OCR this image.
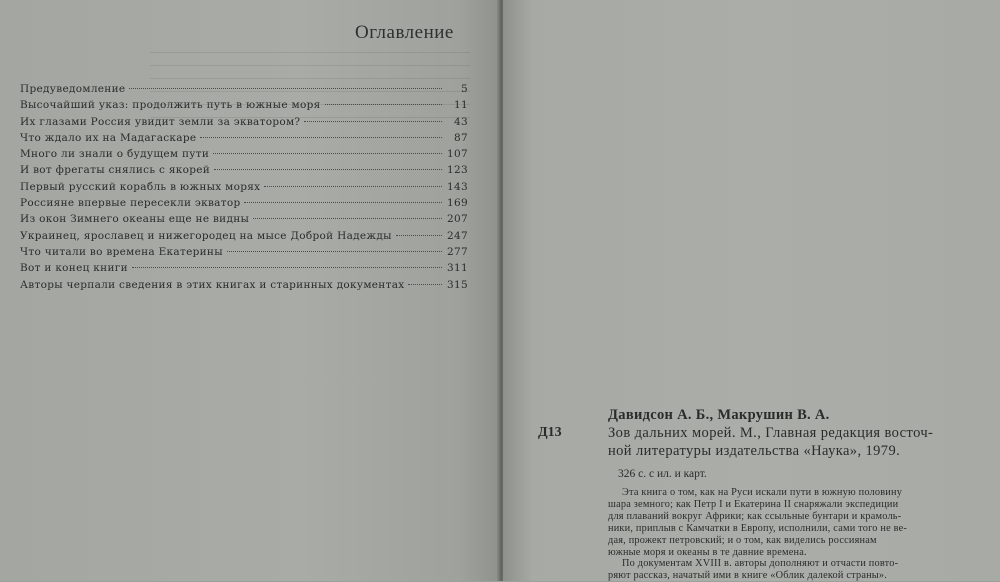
Оглавление
Предуведомление	5
Высочайший указ: продолжить путь в южные моря	11
Их глазами Россия увидит земли за экватором?	43
Что ждало их на Мадагаскаре	87
Много ли знали о будущем пути	107
И вот фрегаты снялись с якорей	123
Первый русский корабль в южных морях	143
Россияне впервые пересекли экватор	169
Из окон Зимнего океаны еще не видны	207
Украинец, ярославец и нижегородец на мысе Доброй Надежды	247
Что читали во времена Екатерины	277
Вот и конец книги	311
Авторы черпали сведения в этих книгах и старинных документах	315
Д13
Давидсон А. Б., Макрушин В. А.
Зов дальних морей. М., Главная редакция восточ-
ной литературы издательства «Наука», 1979.
326 с. с ил. и карт.

Эта книга о том, как на Руси искали пути в южную половину

шара земного; как Петр I и Екатерина II снаряжали экспедиции

для плаваний вокруг Африки; как ссыльные бунтари и крамоль-

ники, приплыв с Камчатки в Европу, исполнили, сами того не ве-

дая, прожект петровский; и о том, как виделись россиянам

южные моря и океаны в те давние времена.

По документам XVIII в. авторы дополняют и отчасти повто-

ряют рассказ, начатый ими в книге «Облик далекой страны».
